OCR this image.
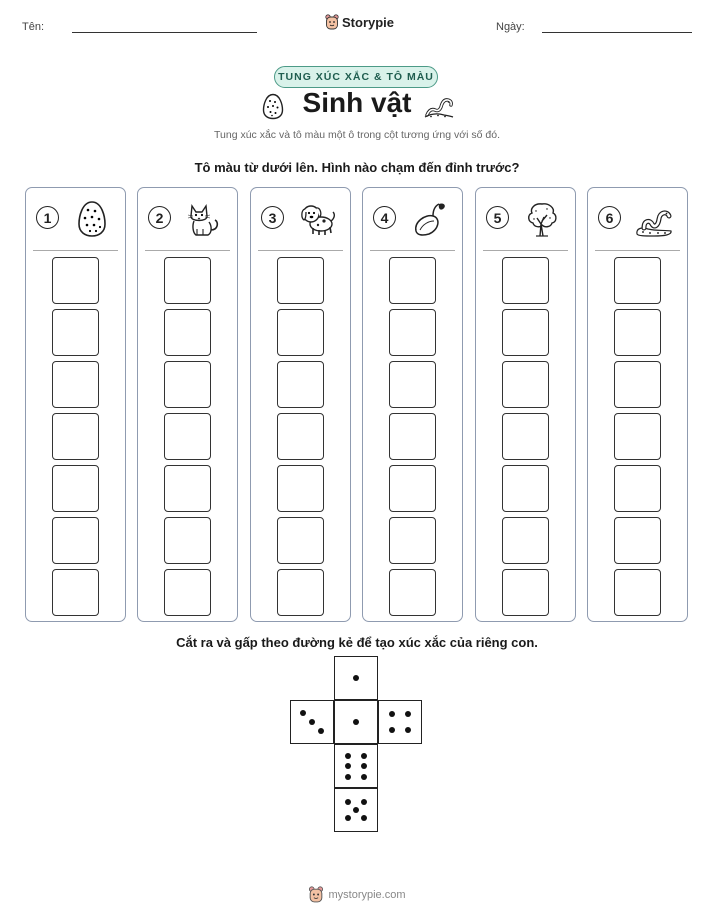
Tên:	Storypie	Ngày:
TUNG XÚC XẮC & TÔ MÀU
Sinh vật
Tung xúc xắc và tô màu một ô trong cột tương ứng với số đó.
Tô màu từ dưới lên. Hình nào chạm đến đỉnh trước?
1	2	3	4	5	6
Cắt ra và gấp theo đường kẻ để tạo xúc xắc của riêng con.
mystorypie.com
